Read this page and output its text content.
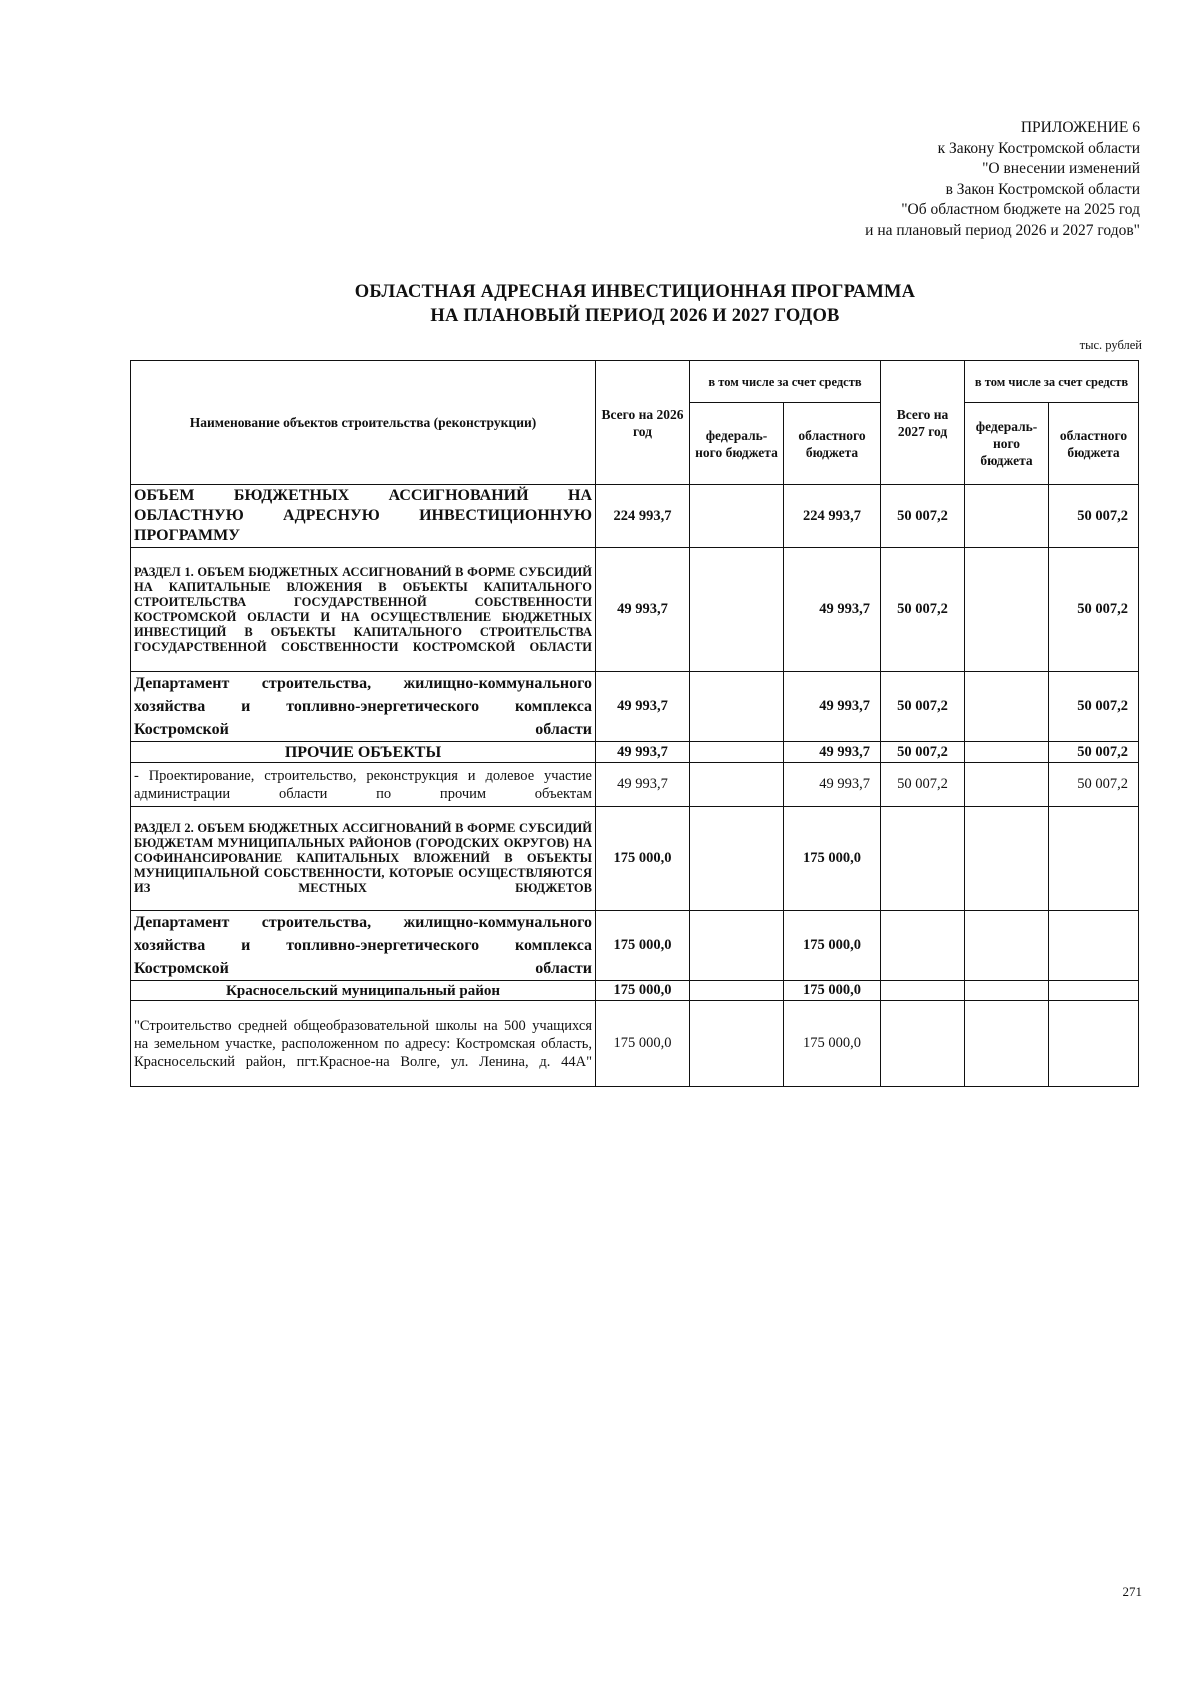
ПРИЛОЖЕНИЕ 6
к Закону Костромской области
"О внесении изменений
в Закон Костромской области
"Об областном бюджете на 2025 год
и на плановый период 2026 и 2027 годов"
ОБЛАСТНАЯ АДРЕСНАЯ ИНВЕСТИЦИОННАЯ ПРОГРАММА
НА ПЛАНОВЫЙ ПЕРИОД 2026 И 2027 ГОДОВ
тыс. рублей
Наименование объектов строительства (реконструкции)	Всего на 2026 год	в том числе за счет средств		Всего на 2027 год	в том числе за счет средств	
		федераль-ного бюджета	областного бюджета		федераль-ного бюджета	областного бюджета
ОБЪЕМ БЮДЖЕТНЫХ АССИГНОВАНИЙ НА ОБЛАСТНУЮ АДРЕСНУЮ ИНВЕСТИЦИОННУЮ ПРОГРАММУ	224 993,7		224 993,7	50 007,2		50 007,2
РАЗДЕЛ 1. ОБЪЕМ БЮДЖЕТНЫХ АССИГНОВАНИЙ В ФОРМЕ СУБСИДИЙ НА КАПИТАЛЬНЫЕ ВЛОЖЕНИЯ В ОБЪЕКТЫ КАПИТАЛЬНОГО СТРОИТЕЛЬСТВА ГОСУДАРСТВЕННОЙ СОБСТВЕННОСТИ КОСТРОМСКОЙ ОБЛАСТИ И НА ОСУЩЕСТВЛЕНИЕ БЮДЖЕТНЫХ ИНВЕСТИЦИЙ В ОБЪЕКТЫ КАПИТАЛЬНОГО СТРОИТЕЛЬСТВА ГОСУДАРСТВЕННОЙ СОБСТВЕННОСТИ КОСТРОМСКОЙ ОБЛАСТИ	49 993,7		49 993,7	50 007,2		50 007,2
Департамент строительства, жилищно-коммунального хозяйства и топливно-энергетического комплекса Костромской области	49 993,7		49 993,7	50 007,2		50 007,2
ПРОЧИЕ ОБЪЕКТЫ	49 993,7		49 993,7	50 007,2		50 007,2
- Проектирование, строительство, реконструкция и долевое участие администрации области по прочим объектам	49 993,7		49 993,7	50 007,2		50 007,2
РАЗДЕЛ 2. ОБЪЕМ БЮДЖЕТНЫХ АССИГНОВАНИЙ В ФОРМЕ СУБСИДИЙ БЮДЖЕТАМ МУНИЦИПАЛЬНЫХ РАЙОНОВ (ГОРОДСКИХ ОКРУГОВ) НА СОФИНАНСИРОВАНИЕ КАПИТАЛЬНЫХ ВЛОЖЕНИЙ В ОБЪЕКТЫ МУНИЦИПАЛЬНОЙ СОБСТВЕННОСТИ, КОТОРЫЕ ОСУЩЕСТВЛЯЮТСЯ ИЗ МЕСТНЫХ БЮДЖЕТОВ	175 000,0		175 000,0			
Департамент строительства, жилищно-коммунального хозяйства и топливно-энергетического комплекса Костромской области	175 000,0		175 000,0			
Красносельский муниципальный район	175 000,0		175 000,0			
"Строительство средней общеобразовательной школы на 500 учащихся на земельном участке, расположенном по адресу: Костромская область, Красносельский район, пгт.Красное-на Волге, ул. Ленина, д. 44А"	175 000,0		175 000,0			
271
